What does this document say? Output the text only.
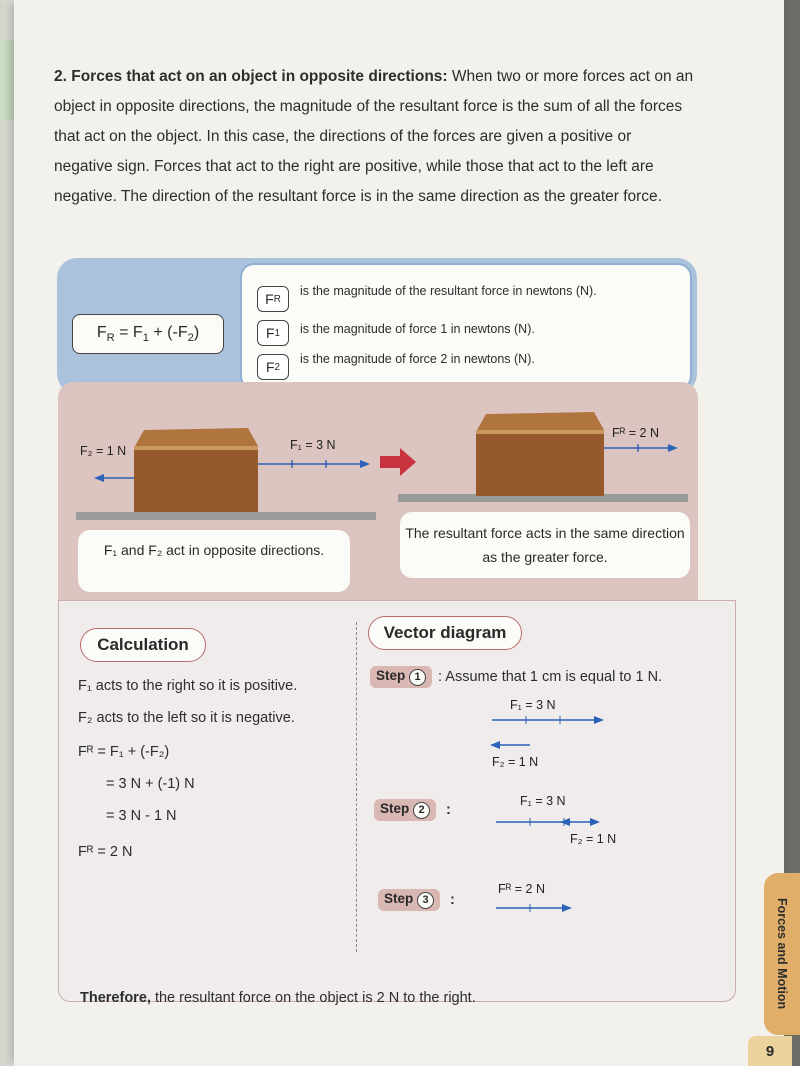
2. Forces that act on an object in opposite directions: When two or more forces act on an object in opposite directions, the magnitude of the resultant force is the sum of all the forces that act on the object. In this case, the directions of the forces are given a positive or negative sign. Forces that act to the right are positive, while those that act to the left are negative. The direction of the resultant force is in the same direction as the greater force.
$F_R = F_1 + (-F_2)$
F R
is the magnitude of the resultant force in newtons (N).
F 1 is the magnitude of force 1 in newtons (N).
F 2
is the magnitude of force 2 in newtons (N).
F₂ = 1 N	F₁ = 3 N
Fᴿ = 2 N
F₁ and F₂ act in opposite directions.
The resultant force acts in the same direction as the greater force.
Calculation
Vector diagram
F₁ acts to the right so it is positive.
F₂ acts to the left so it is negative.
Fᴿ = F₁ + (-F₂)
= 3 N + (-1) N
= 3 N - 1 N
Fᴿ = 2 N
Step 1	: Assume that 1 cm is equal to 1 N.
Step 2	:
Step 3	:
F₁ = 3 N
F₂ = 1 N
F₁ = 3 N
F₂ = 1 N
Fᴿ = 2 N
Therefore, the resultant force on the object is 2 N to the right.	Forces and Motion
9
